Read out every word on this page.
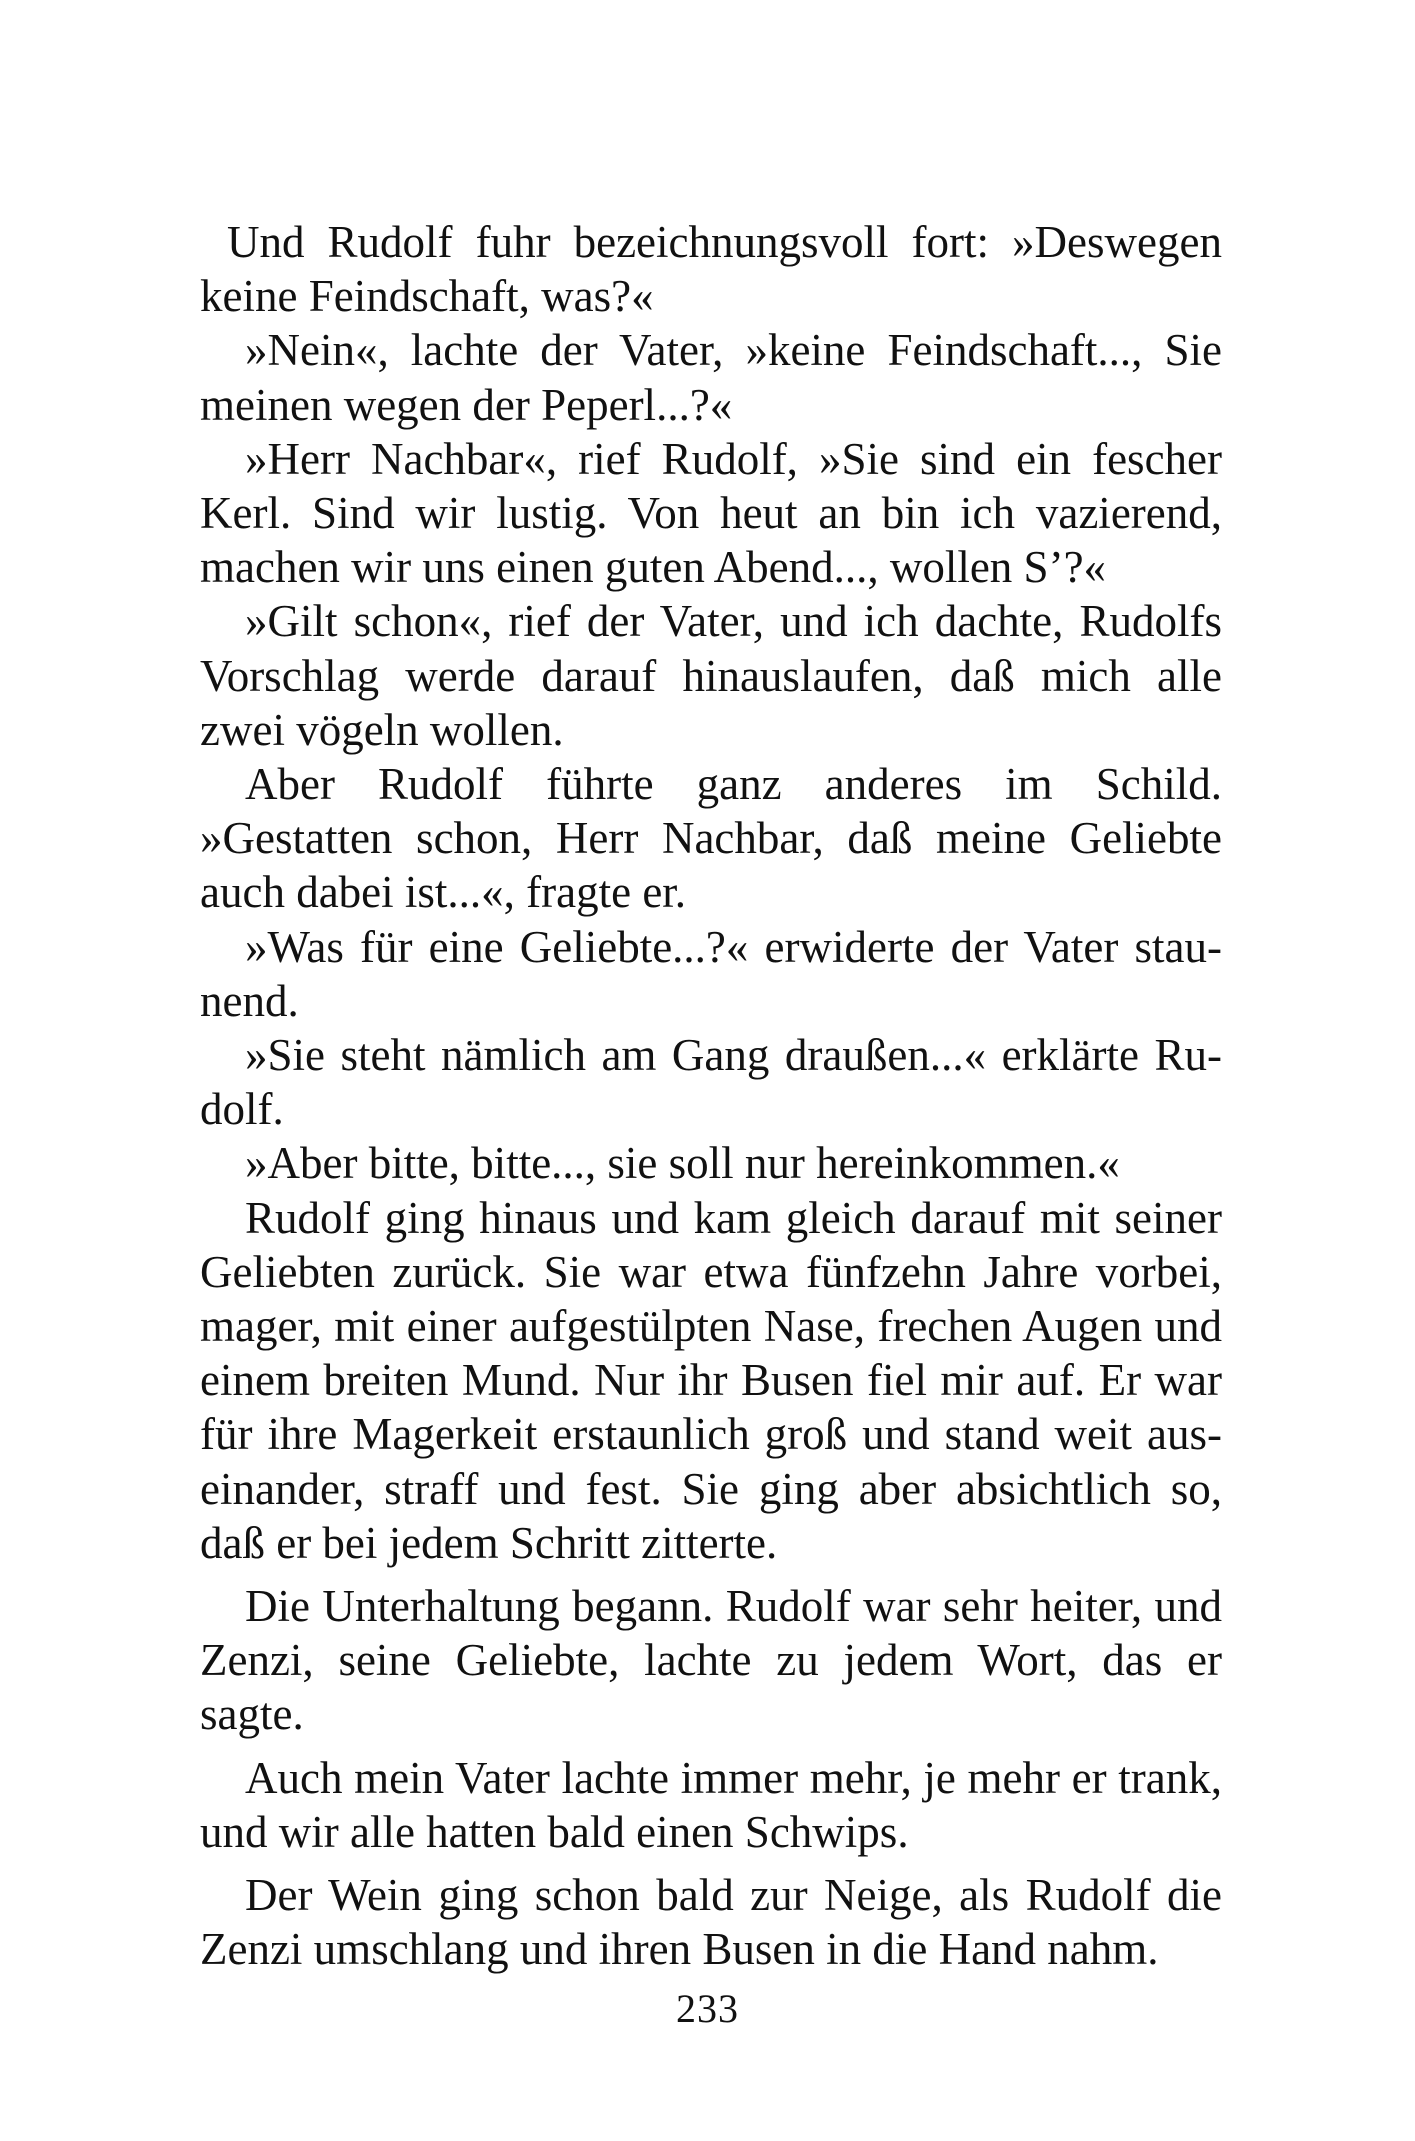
Und Rudolf fuhr bezeichnungsvoll fort: »Deswegen keine Feindschaft, was?«

»Nein«, lachte der Vater, »keine Feindschaft..., Sie meinen wegen der Peperl...?«

»Herr Nachbar«, rief Rudolf, »Sie sind ein fescher Kerl. Sind wir lustig. Von heut an bin ich vazierend, machen wir uns einen guten Abend..., wollen S’?«

»Gilt schon«, rief der Vater, und ich dachte, Rudolfs Vorschlag werde darauf hinauslaufen, daß mich alle zwei vögeln wollen.

Aber Rudolf führte ganz anderes im Schild. »Gestatten schon, Herr Nachbar, daß meine Geliebte auch dabei ist...«, fragte er.

»Was für eine Geliebte...?« erwiderte der Vater staunend.

»Sie steht nämlich am Gang draußen...« erklärte Rudolf.

»Aber bitte, bitte..., sie soll nur hereinkommen.«

Rudolf ging hinaus und kam gleich darauf mit seiner Geliebten zurück. Sie war etwa fünfzehn Jahre vorbei, mager, mit einer aufgestülpten Nase, frechen Augen und einem breiten Mund. Nur ihr Busen fiel mir auf. Er war für ihre Magerkeit erstaunlich groß und stand weit auseinander, straff und fest. Sie ging aber absichtlich so, daß er bei jedem Schritt zitterte.

Die Unterhaltung begann. Rudolf war sehr heiter, und Zenzi, seine Geliebte, lachte zu jedem Wort, das er sagte.

Auch mein Vater lachte immer mehr, je mehr er trank, und wir alle hatten bald einen Schwips.

Der Wein ging schon bald zur Neige, als Rudolf die Zenzi umschlang und ihren Busen in die Hand nahm.

233
